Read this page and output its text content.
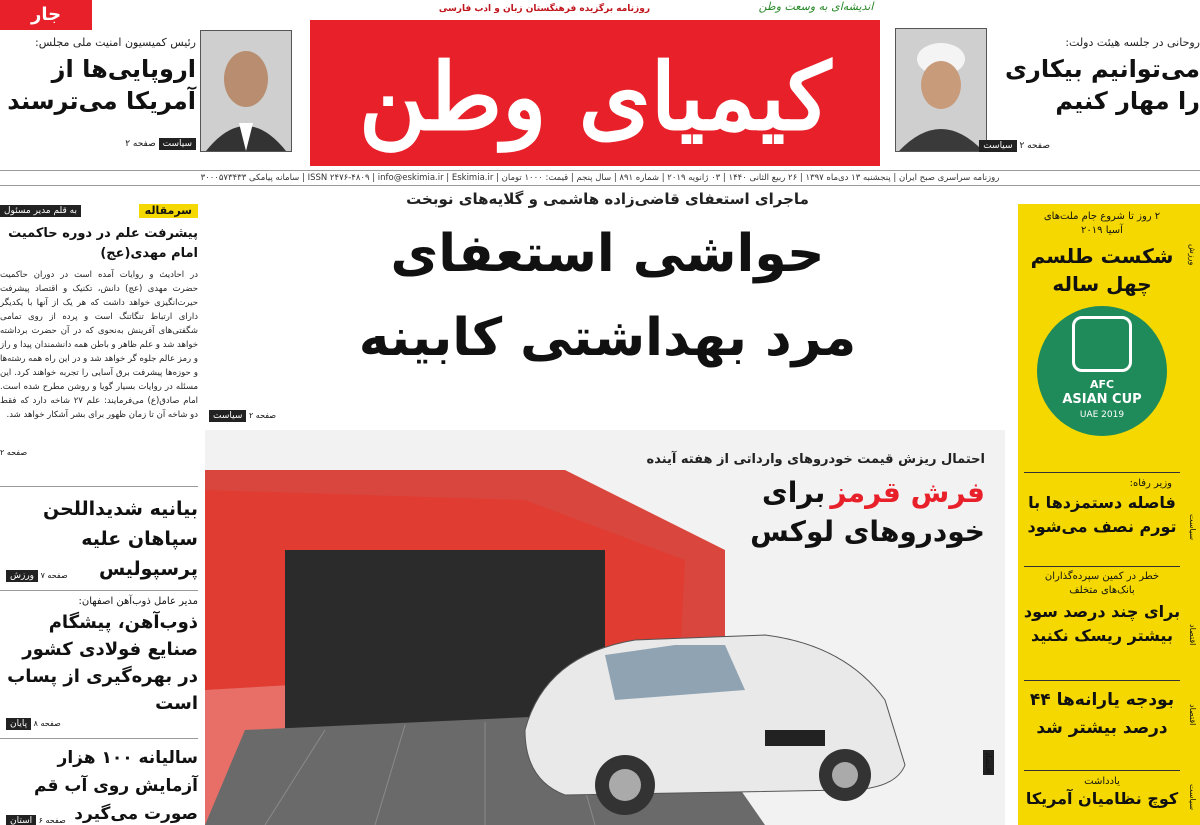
جار
رئیس کمیسیون امنیت ملی مجلس:
اروپایی‌ها از آمریکا می‌ترسند
سیاست صفحه ۲	کیمیای وطن
روزنامه برگزیده فرهنگستان زبان و ادب فارسی	اندیشه‌ای به وسعت وطن
روحانی در جلسه هیئت دولت:
می‌توانیم بیکاری را مهار کنیم
صفحه ۲ سیاست
روزنامه سراسری صبح ایران | پنجشنبه ۱۳ دی‌ماه ۱۳۹۷ | ۲۶ ربیع الثانی ۱۴۴۰ | ۰۳ ژانویه ۲۰۱۹ | شماره ۸۹۱ | سال پنجم | قیمت: ۱۰۰۰ تومان | ISSN ۲۴۷۶-۴۸۰۹ | info@eskimia.ir | Eskimia.ir | سامانه پیامکی ۳۰۰۰۵۷۳۴۳۳
سرمقاله
به قلم مدیر مسئول
پیشرفت علم در دوره حاکمیت امام مهدی(عج)
در احادیث و روایات آمده است در دوران حاکمیت حضرت مهدی (عج) دانش، تکنیک و اقتصاد پیشرفت حیرت‌انگیزی خواهد داشت که هر یک از آنها با یکدیگر دارای ارتباط تنگاتنگ است و پرده از روی تمامی شگفتی‌های آفرینش به‌نحوی که در آن حضرت برداشته خواهد شد و علم ظاهر و باطن همه دانشمندان پیدا و راز و رمز عالم جلوه گر خواهد شد و در این راه همه رشته‌ها و حوزه‌ها پیشرفت برق آسایی را تجربه خواهند کرد. این مسئله در روایات بسیار گویا و روشن مطرح شده است. امام صادق(ع) می‌فرمایند: علم ۲۷ شاخه دارد که فقط دو شاخه آن تا زمان ظهور برای بشر آشکار خواهد شد.
صفحه ۲
بیانیه شدیداللحن سپاهان علیه پرسپولیس
صفحه ۷ ورزش
مدیر عامل ذوب‌آهن اصفهان:
ذوب‌آهن، پیشگام صنایع فولادی کشور در بهره‌گیری از پساب است
صفحه ۸ پایان
سالیانه ۱۰۰ هزار آزمایش روی آب قم صورت می‌گیرد
صفحه ۶ استان
ماجرای استعفای قاضی‌زاده هاشمی و گلایه‌های نوبخت
حواشی استعفای
مرد بهداشتی کابینه
صفحه ۲ سیاست
احتمال ریزش قیمت خودروهای وارداتی از هفته آینده
فرش قرمز برای
خودروهای لوکس
اقتصاد
۲ روز تا شروع جام ملت‌های آسیا ۲۰۱۹
شکست طلسم چهل ساله
AFC
ASIAN CUP
UAE 2019
وزیر رفاه:
فاصله دستمزدها با تورم نصف می‌شود
خطر در کمین سپرده‌گذاران بانک‌های متخلف
برای چند درصد سود بیشتر ریسک نکنید
بودجه یارانه‌ها ۴۴ درصد بیشتر شد
یادداشت
کوچ نظامیان آمریکا
ورزش
سیاست
اقتصاد
اقتصاد
سیاست
